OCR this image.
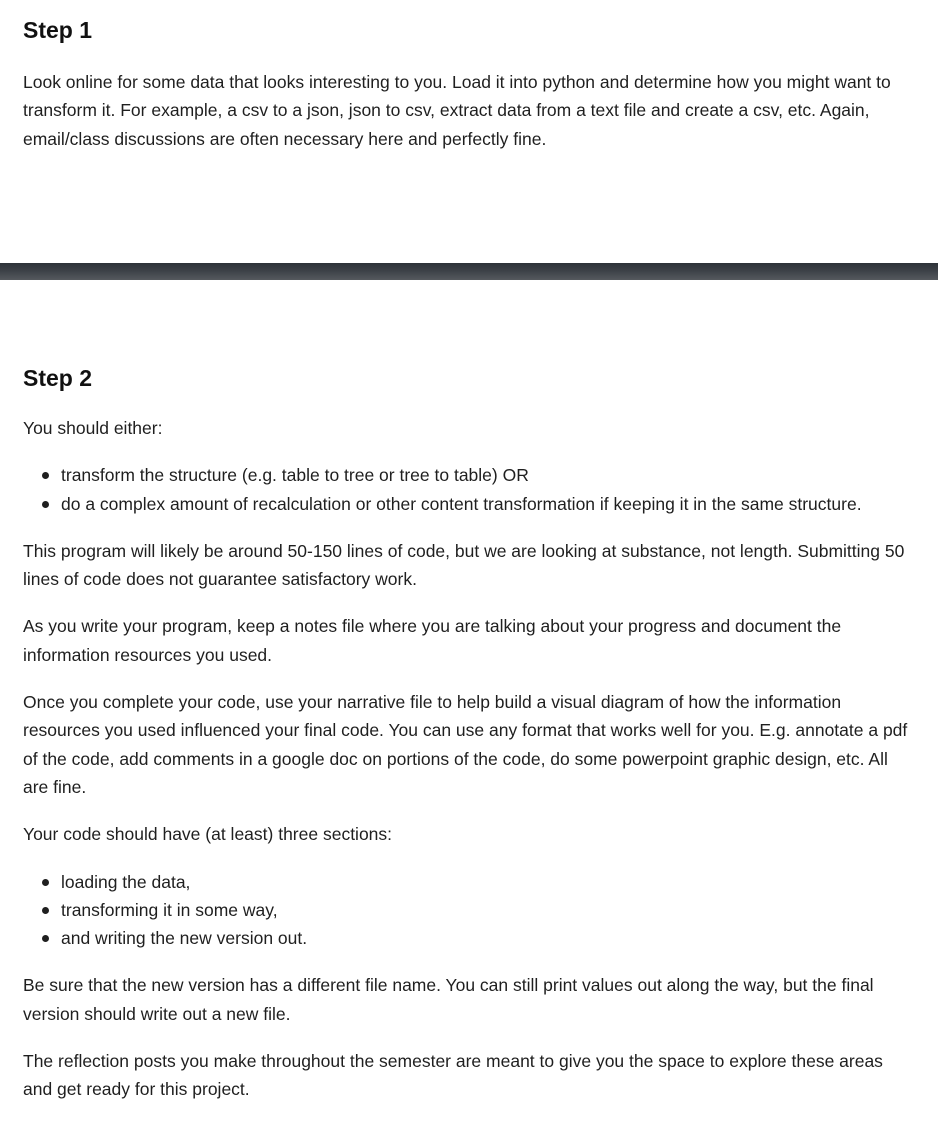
Step 1

Look online for some data that looks interesting to you. Load it into python and determine how you might want to transform it. For example, a csv to a json, json to csv, extract data from a text file and create a csv, etc. Again, email/class discussions are often necessary here and perfectly fine.

Step 2

You should either:

transform the structure (e.g. table to tree or tree to table) OR
do a complex amount of recalculation or other content transformation if keeping it in the same structure.

This program will likely be around 50-150 lines of code, but we are looking at substance, not length. Submitting 50 lines of code does not guarantee satisfactory work.

As you write your program, keep a notes file where you are talking about your progress and document the information resources you used.

Once you complete your code, use your narrative file to help build a visual diagram of how the information resources you used influenced your final code. You can use any format that works well for you. E.g. annotate a pdf of the code, add comments in a google doc on portions of the code, do some powerpoint graphic design, etc. All are fine.

Your code should have (at least) three sections:

loading the data,
transforming it in some way,
and writing the new version out.

Be sure that the new version has a different file name. You can still print values out along the way, but the final version should write out a new file.

The reflection posts you make throughout the semester are meant to give you the space to explore these areas and get ready for this project.
